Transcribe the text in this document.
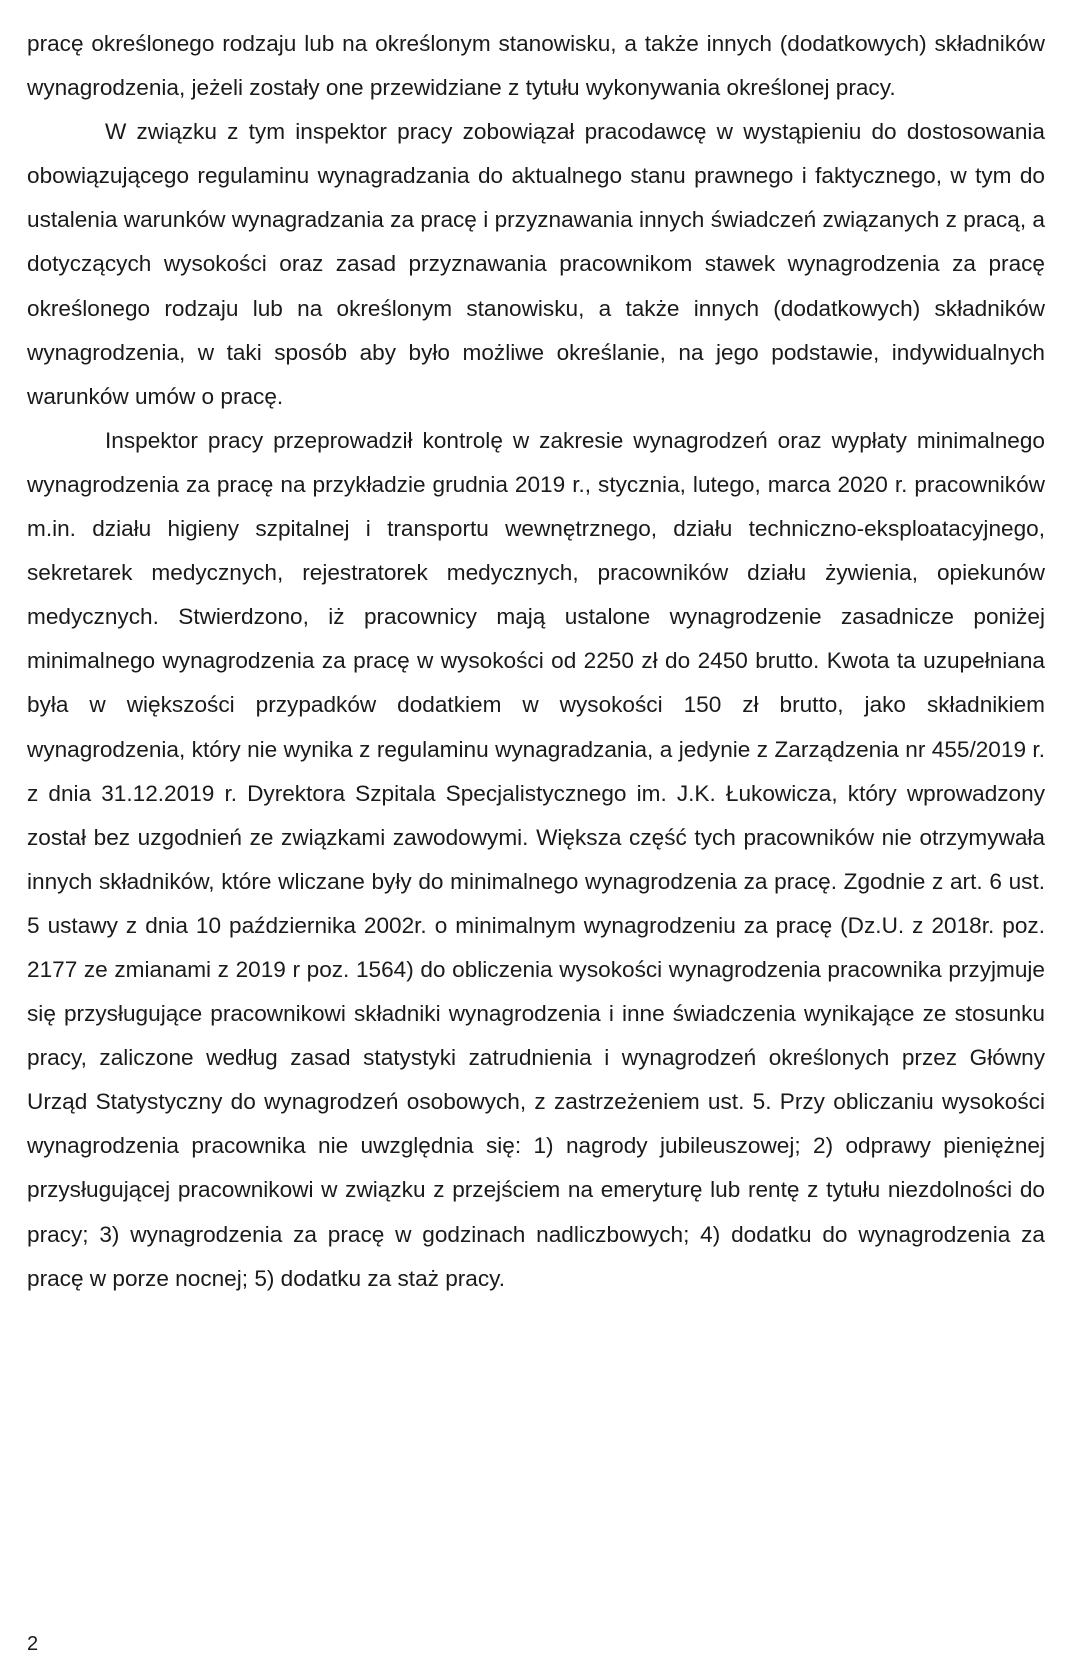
pracę określonego rodzaju lub na określonym stanowisku, a także innych (dodatkowych) składników wynagrodzenia, jeżeli zostały one przewidziane z tytułu wykonywania określonej pracy.

W związku z tym inspektor pracy zobowiązał pracodawcę w wystąpieniu do dostosowania obowiązującego regulaminu wynagradzania do aktualnego stanu prawnego i faktycznego, w tym do ustalenia warunków wynagradzania za pracę i przyznawania innych świadczeń związanych z pracą, a dotyczących wysokości oraz zasad przyznawania pracownikom stawek wynagrodzenia za pracę określonego rodzaju lub na określonym stanowisku, a także innych (dodatkowych) składników wynagrodzenia, w taki sposób aby było możliwe określanie, na jego podstawie, indywidualnych warunków umów o pracę.

Inspektor pracy przeprowadził kontrolę w zakresie wynagrodzeń oraz wypłaty minimalnego wynagrodzenia za pracę na przykładzie grudnia 2019 r., stycznia, lutego, marca 2020 r. pracowników m.in. działu higieny szpitalnej i transportu wewnętrznego, działu techniczno-eksploatacyjnego, sekretarek medycznych, rejestratorek medycznych, pracowników działu żywienia, opiekunów medycznych. Stwierdzono, iż pracownicy mają ustalone wynagrodzenie zasadnicze poniżej minimalnego wynagrodzenia za pracę w wysokości od 2250 zł do 2450 brutto. Kwota ta uzupełniana była w większości przypadków dodatkiem w wysokości 150 zł brutto, jako składnikiem wynagrodzenia, który nie wynika z regulaminu wynagradzania, a jedynie z Zarządzenia nr 455/2019 r. z dnia 31.12.2019 r. Dyrektora Szpitala Specjalistycznego im. J.K. Łukowicza, który wprowadzony został bez uzgodnień ze związkami zawodowymi. Większa część tych pracowników nie otrzymywała innych składników, które wliczane były do minimalnego wynagrodzenia za pracę. Zgodnie z art. 6 ust. 5 ustawy z dnia 10 października 2002r. o minimalnym wynagrodzeniu za pracę (Dz.U. z 2018r. poz. 2177 ze zmianami z 2019 r poz. 1564) do obliczenia wysokości wynagrodzenia pracownika przyjmuje się przysługujące pracownikowi składniki wynagrodzenia i inne świadczenia wynikające ze stosunku pracy, zaliczone według zasad statystyki zatrudnienia i wynagrodzeń określonych przez Główny Urząd Statystyczny do wynagrodzeń osobowych, z zastrzeżeniem ust. 5. Przy obliczaniu wysokości wynagrodzenia pracownika nie uwzględnia się: 1) nagrody jubileuszowej; 2) odprawy pieniężnej przysługującej pracownikowi w związku z przejściem na emeryturę lub rentę z tytułu niezdolności do pracy; 3) wynagrodzenia za pracę w godzinach nadliczbowych; 4) dodatku do wynagrodzenia za pracę w porze nocnej; 5) dodatku za staż pracy.

2
